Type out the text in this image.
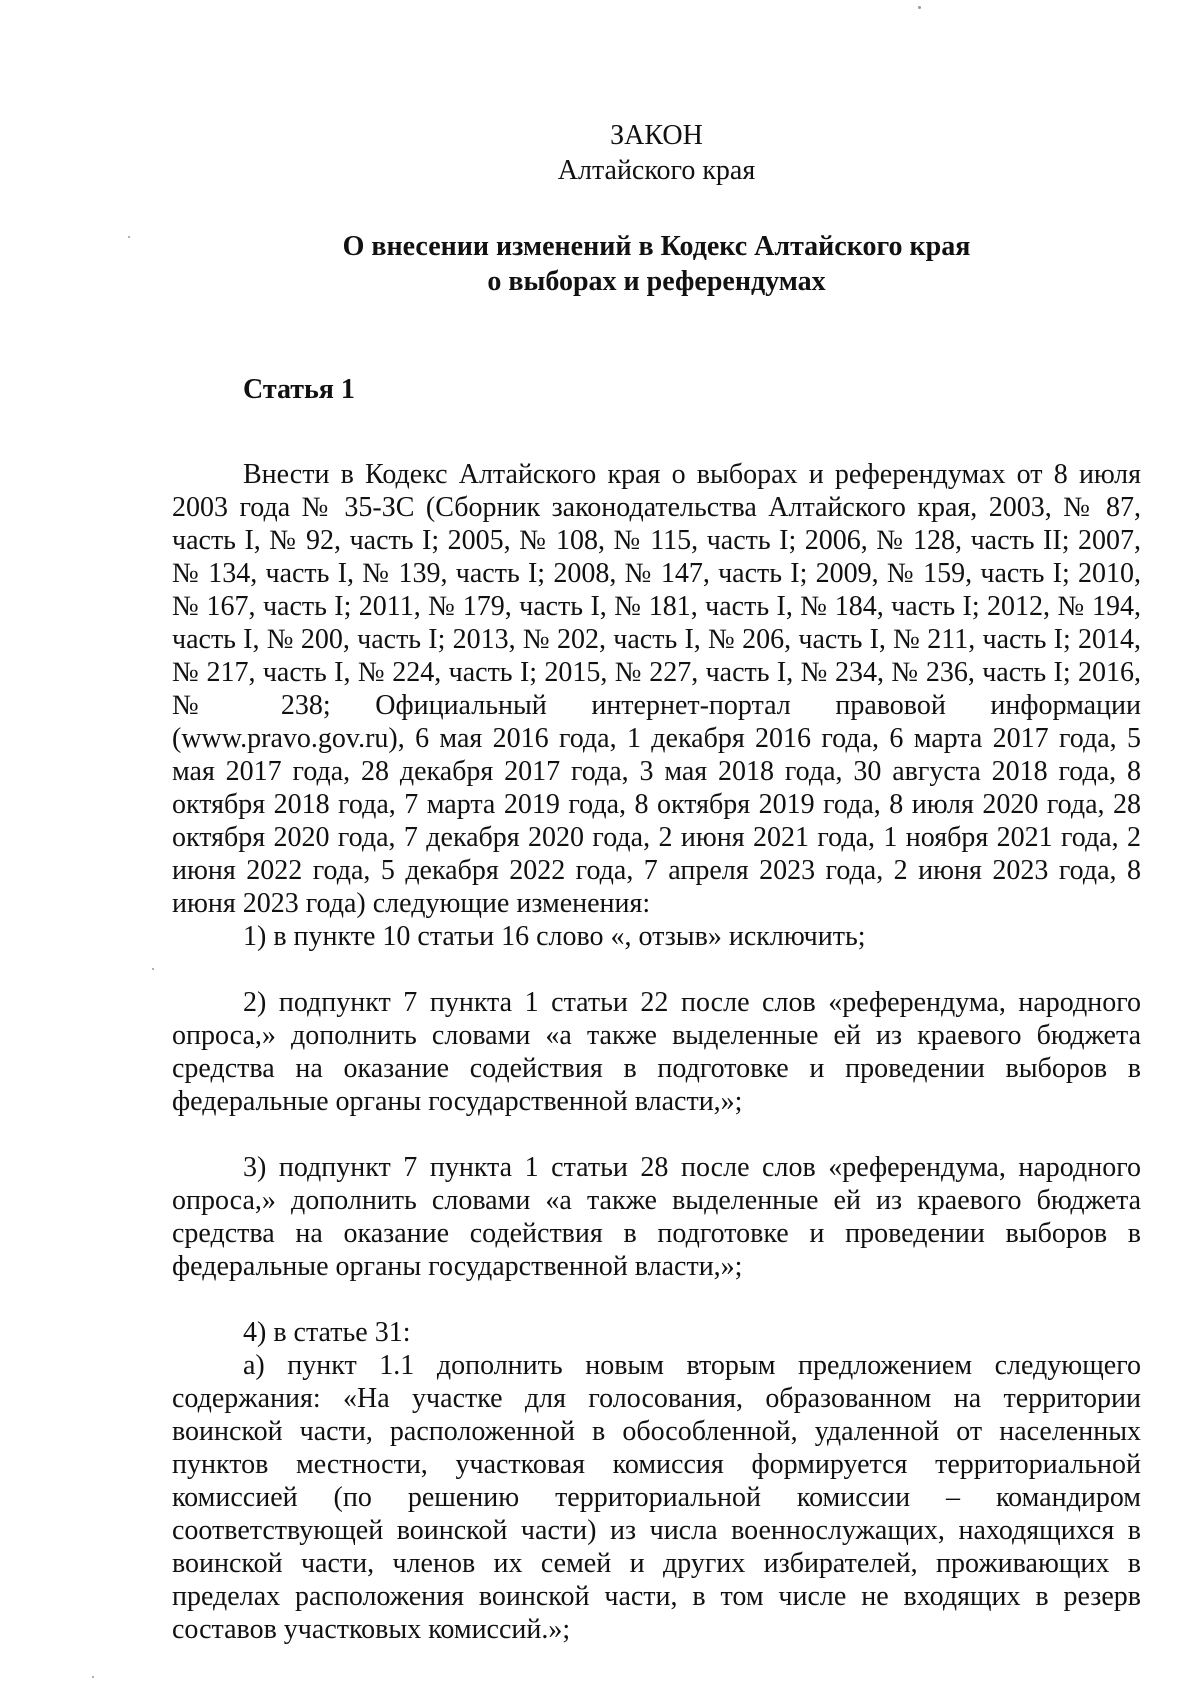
ЗАКОН

Алтайского края

О внесении изменений в Кодекс Алтайского края
о выборах и референдумах
Статья 1

Внести в Кодекс Алтайского края о выборах и референдумах от 8 июля 2003 года № 35-ЗС (Сборник законодательства Алтайского края, 2003, № 87, часть I, № 92, часть I; 2005, № 108, № 115, часть I; 2006, № 128, часть II; 2007, № 134, часть I, № 139, часть I; 2008, № 147, часть I; 2009, № 159, часть I; 2010, № 167, часть I; 2011, № 179, часть I, № 181, часть I, № 184, часть I; 2012, № 194, часть I, № 200, часть I; 2013, № 202, часть I, № 206, часть I, № 211, часть I; 2014, № 217, часть I, № 224, часть I; 2015, № 227, часть I, № 234, № 236, часть I; 2016, № 238; Официальный интернет-портал правовой информации (www.pravo.gov.ru), 6 мая 2016 года, 1 декабря 2016 года, 6 марта 2017 года, 5 мая 2017 года, 28 декабря 2017 года, 3 мая 2018 года, 30 августа 2018 года, 8 октября 2018 года, 7 марта 2019 года, 8 октября 2019 года, 8 июля 2020 года, 28 октября 2020 года, 7 декабря 2020 года, 2 июня 2021 года, 1 ноября 2021 года, 2 июня 2022 года, 5 декабря 2022 года, 7 апреля 2023 года, 2 июня 2023 года, 8 июня 2023 года) следующие изменения:

1) в пункте 10 статьи 16 слово «, отзыв» исключить;

2) подпункт 7 пункта 1 статьи 22 после слов «референдума, народного опроса,» дополнить словами «а также выделенные ей из краевого бюджета средства на оказание содействия в подготовке и проведении выборов в федеральные органы государственной власти,»;

3) подпункт 7 пункта 1 статьи 28 после слов «референдума, народного опроса,» дополнить словами «а также выделенные ей из краевого бюджета средства на оказание содействия в подготовке и проведении выборов в федеральные органы государственной власти,»;

4) в статье 31:

а) пункт 1.1 дополнить новым вторым предложением следующего содержания: «На участке для голосования, образованном на территории воинской части, расположенной в обособленной, удаленной от населенных пунктов местности, участковая комиссия формируется территориальной комиссией (по решению территориальной комиссии – командиром соответствующей воинской части) из числа военнослужащих, находящихся в воинской части, членов их семей и других избирателей, проживающих в пределах расположения воинской части, в том числе не входящих в резерв составов участковых комиссий.»;
